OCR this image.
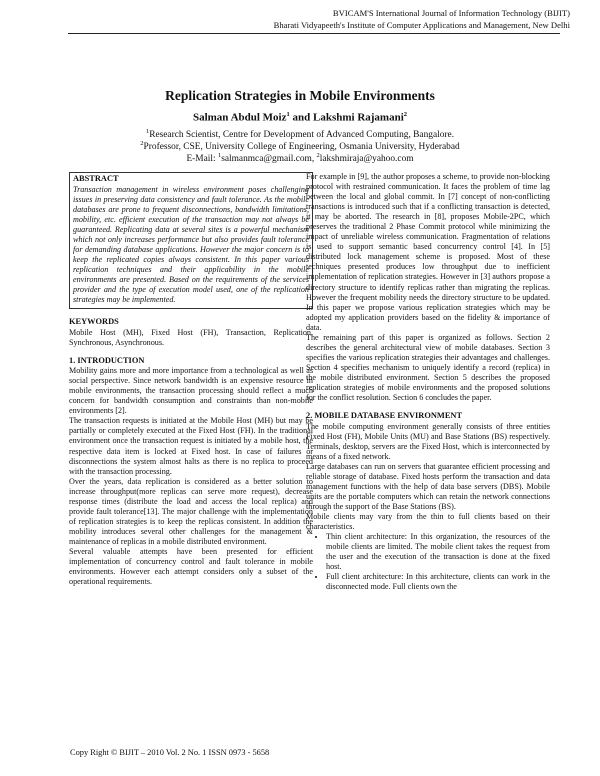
BVICAM'S International Journal of Information Technology (BIJIT)
Bharati Vidyapeeth's Institute of Computer Applications and Management, New Delhi
Replication Strategies in Mobile Environments
Salman Abdul Moiz$^1$ and Lakshmi Rajamani$^2$
$^1$Research Scientist, Centre for Development of Advanced Computing, Bangalore.
$^2$Professor, CSE, University College of Engineering, Osmania University, Hyderabad
E-Mail: $^1$salmanmca@gmail.com, $^2$lakshmiraja@yahoo.com
ABSTRACT

Transaction management in wireless environment poses challenging issues in preserving data consistency and fault tolerance. As the mobile databases are prone to frequent disconnections, bandwidth limitations, mobility, etc. efficient execution of the transaction may not always be guaranteed. Replicating data at several sites is a powerful mechanism which not only increases performance but also provides fault tolerance for demanding database applications. However the major concern is to keep the replicated copies always consistent. In this paper various replication techniques and their applicability in the mobile environments are presented. Based on the requirements of the services provider and the type of execution model used, one of the replication strategies may be implemented.

KEYWORDS

Mobile Host (MH), Fixed Host (FH), Transaction, Replication, Synchronous, Asynchronous.

1. INTRODUCTION

Mobility gains more and more importance from a technological as well as social perspective. Since network bandwidth is an expensive resource in mobile environments, the transaction processing should reflect a much concern for bandwidth consumption and constraints than non-mobile environments [2].

The transaction requests is initiated at the Mobile Host (MH) but may be partially or completely executed at the Fixed Host (FH). In the traditional environment once the transaction request is initiated by a mobile host, the respective data item is locked at Fixed host. In case of failures or disconnections the system almost halts as there is no replica to proceed with the transaction processing.

Over the years, data replication is considered as a better solution to increase throughput(more replicas can serve more request), decrease response times (distribute the load and access the local replica) and provide fault tolerance[13]. The major challenge with the implementation of replication strategies is to keep the replicas consistent. In addition the mobility introduces several other challenges for the management & maintenance of replicas in a mobile distributed environment.

Several valuable attempts have been presented for efficient implementation of concurrency control and fault tolerance in mobile environments. However each attempt considers only a subset of the operational requirements.

For example in [9], the author proposes a scheme, to provide non-blocking protocol with restrained communication. It faces the problem of time lag between the local and global commit. In [7] concept of non-conflicting transactions is introduced such that if a conflicting transaction is detected, it may be aborted. The research in [8], proposes Mobile-2PC, which preserves the traditional 2 Phase Commit protocol while minimizing the impact of unreliable wireless communication. Fragmentation of relations is used to support semantic based concurrency control [4]. In [5] distributed lock management scheme is proposed. Most of these techniques presented produces low throughput due to inefficient implementation of replication strategies. However in [3] authors propose a directory structure to identify replicas rather than migrating the replicas. However the frequent mobility needs the directory structure to be updated. In this paper we propose various replication strategies which may be adopted my application providers based on the fidelity & importance of data.

The remaining part of this paper is organized as follows. Section 2 describes the general architectural view of mobile databases. Section 3 specifies the various replication strategies their advantages and challenges. Section 4 specifies mechanism to uniquely identify a record (replica) in the mobile distributed environment. Section 5 describes the proposed replication strategies of mobile environments and the proposed solutions for the conflict resolution. Section 6 concludes the paper.

2. MOBILE DATABASE ENVIRONMENT

The mobile computing environment generally consists of three entities Fixed Host (FH), Mobile Units (MU) and Base Stations (BS) respectively. Terminals, desktop, servers are the Fixed Host, which is interconnected by means of a fixed network.

Large databases can run on servers that guarantee efficient processing and reliable storage of database. Fixed hosts perform the transaction and data management functions with the help of data base servers (DBS). Mobile units are the portable computers which can retain the network connections through the support of the Base Stations (BS).

Mobile clients may vary from the thin to full clients based on their characteristics.

• Thin client architecture: In this organization, the resources of the mobile clients are limited. The mobile client takes the request from the user and the execution of the transaction is done at the fixed host.
• Full client architecture: In this architecture, clients can work in the disconnected mode. Full clients own the
Copy Right © BIJIT – 2010 Vol. 2 No. 1 ISSN 0973 - 5658
